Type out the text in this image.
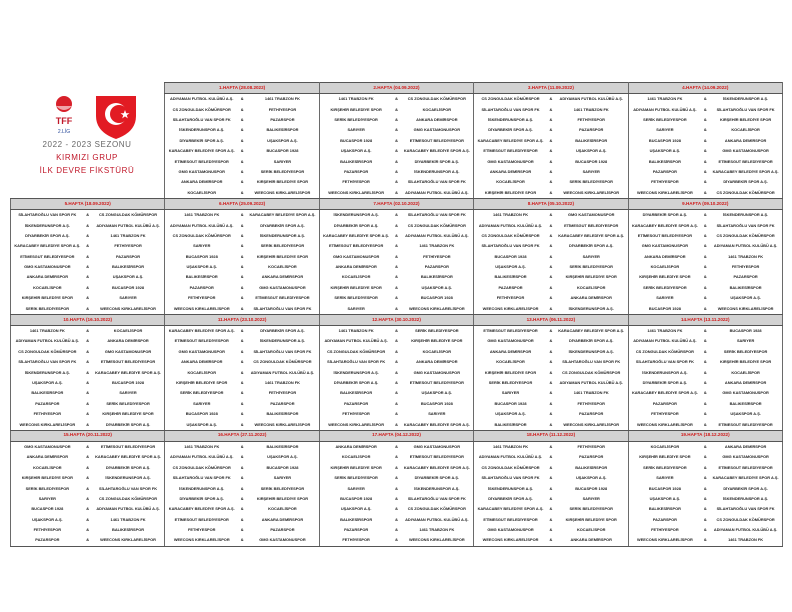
			1.HAFTA (28.08.2022)			2.HAFTA (04.09.2022)			3.HAFTA (11.09.2022)			4.HAFTA (14.09.2022)		
			ADIYAMAN FUTBOL KULÜBÜ A.Ş.	&	1461 TRABZON FK	1461 TRABZON FK	&	CS ZONGULDAK KÖMÜRSPOR	CS ZONGULDAK KÖMÜRSPOR	&	ADIYAMAN FUTBOL KULÜBÜ A.Ş.	1461 TRABZON FK	&	İSKENDERUNSPOR A.Ş.
			CS ZONGULDAK KÖMÜRSPOR	&	FETHİYESPOR	KIRŞEHİR BELEDİYE SPOR	&	KOCAELİSPOR	SİLAHTAROĞLU VAN SPOR FK	&	1461 TRABZON FK	ADIYAMAN FUTBOL KULÜBÜ A.Ş.	&	SİLAHTAROĞLU VAN SPOR FK
			SİLAHTAROĞLU VAN SPOR FK	&	PAZARSPOR	SERİK BELEDİYESPOR	&	ANKARA DEMİRSPOR	İSKENDERUNSPOR A.Ş.	&	FETHİYESPOR	SERİK BELEDİYESPOR	&	KIRŞEHİR BELEDİYE SPOR
			İSKENDERUNSPOR A.Ş.	&	BALIKESİRSPOR	SARIYER	&	GMG KASTAMONUSPOR	DİYARBEKİR SPOR A.Ş.	&	PAZARSPOR	SARIYER	&	KOCAELİSPOR
			DİYARBEKİR SPOR A.Ş.	&	UŞAKSPOR A.Ş.	BUCASPOR 1928	&	ETİMESGUT BELEDİYESPOR	KARACABEY BELEDİYE SPOR A.Ş.	&	BALIKESİRSPOR	BUCASPOR 1928	&	ANKARA DEMİRSPOR
			KARACABEY BELEDİYE SPOR A.Ş.	&	BUCASPOR 1928	UŞAKSPOR A.Ş.	&	KARACABEY BELEDİYE SPOR A.Ş.	ETİMESGUT BELEDİYESPOR	&	UŞAKSPOR A.Ş.	UŞAKSPOR A.Ş.	&	GMG KASTAMONUSPOR
			ETİMESGUT BELEDİYESPOR	&	SARIYER	BALIKESİRSPOR	&	DİYARBEKİR SPOR A.Ş.	GMG KASTAMONUSPOR	&	BUCASPOR 1928	BALIKESİRSPOR	&	ETİMESGUT BELEDİYESPOR
			GMG KASTAMONUSPOR	&	SERİK BELEDİYESPOR	PAZARSPOR	&	İSKENDERUNSPOR A.Ş.	ANKARA DEMİRSPOR	&	SARIYER	PAZARSPOR	&	KARACABEY BELEDİYE SPOR A.Ş.
			ANKARA DEMİRSPOR	&	KIRŞEHİR BELEDİYE SPOR	FETHİYESPOR	&	SİLAHTAROĞLU VAN SPOR FK	KOCAELİSPOR	&	SERİK BELEDİYESPOR	FETHİYESPOR	&	DİYARBEKİR SPOR A.Ş.
			KOCAELİSPOR	&	WEECONS KIRKLARELİSPOR	WEECONS KIRKLARELİSPOR	&	ADIYAMAN FUTBOL KULÜBÜ A.Ş.	KIRŞEHİR BELEDİYE SPOR	&	WEECONS KIRKLARELİSPOR	WEECONS KIRKLARELİSPOR	&	CS ZONGULDAK KÖMÜRSPOR
5.HAFTA (18.09.2022)			6.HAFTA (25.09.2022)			7.HAFTA (02.10.2022)			8.HAFTA (05.10.2022)			9.HAFTA (09.10.2022)		
SİLAHTAROĞLU VAN SPOR FK	&	CS ZONGULDAK KÖMÜRSPOR	1461 TRABZON FK	&	KARACABEY BELEDİYE SPOR A.Ş.	İSKENDERUNSPOR A.Ş.	&	SİLAHTAROĞLU VAN SPOR FK	1461 TRABZON FK	&	GMG KASTAMONUSPOR	DİYARBEKİR SPOR A.Ş.	&	İSKENDERUNSPOR A.Ş.
İSKENDERUNSPOR A.Ş.	&	ADIYAMAN FUTBOL KULÜBÜ A.Ş.	ADIYAMAN FUTBOL KULÜBÜ A.Ş.	&	DİYARBEKİR SPOR A.Ş.	DİYARBEKİR SPOR A.Ş.	&	CS ZONGULDAK KÖMÜRSPOR	ADIYAMAN FUTBOL KULÜBÜ A.Ş.	&	ETİMESGUT BELEDİYESPOR	KARACABEY BELEDİYE SPOR A.Ş.	&	SİLAHTAROĞLU VAN SPOR FK
DİYARBEKİR SPOR A.Ş.	&	1461 TRABZON FK	CS ZONGULDAK KÖMÜRSPOR	&	İSKENDERUNSPOR A.Ş.	KARACABEY BELEDİYE SPOR A.Ş.	&	ADIYAMAN FUTBOL KULÜBÜ A.Ş.	CS ZONGULDAK KÖMÜRSPOR	&	KARACABEY BELEDİYE SPOR A.Ş.	ETİMESGUT BELEDİYESPOR	&	CS ZONGULDAK KÖMÜRSPOR
KARACABEY BELEDİYE SPOR A.Ş.	&	FETHİYESPOR	SARIYER	&	SERİK BELEDİYESPOR	ETİMESGUT BELEDİYESPOR	&	1461 TRABZON FK	SİLAHTAROĞLU VAN SPOR FK	&	DİYARBEKİR SPOR A.Ş.	GMG KASTAMONUSPOR	&	ADIYAMAN FUTBOL KULÜBÜ A.Ş.
ETİMESGUT BELEDİYESPOR	&	PAZARSPOR	BUCASPOR 1928	&	KIRŞEHİR BELEDİYE SPOR	GMG KASTAMONUSPOR	&	FETHİYESPOR	BUCASPOR 1928	&	SARIYER	ANKARA DEMİRSPOR	&	1461 TRABZON FK
GMG KASTAMONUSPOR	&	BALIKESİRSPOR	UŞAKSPOR A.Ş.	&	KOCAELİSPOR	ANKARA DEMİRSPOR	&	PAZARSPOR	UŞAKSPOR A.Ş.	&	SERİK BELEDİYESPOR	KOCAELİSPOR	&	FETHİYESPOR
ANKARA DEMİRSPOR	&	UŞAKSPOR A.Ş.	BALIKESİRSPOR	&	ANKARA DEMİRSPOR	KOCAELİSPOR	&	BALIKESİRSPOR	BALIKESİRSPOR	&	KIRŞEHİR BELEDİYE SPOR	KIRŞEHİR BELEDİYE SPOR	&	PAZARSPOR
KOCAELİSPOR	&	BUCASPOR 1928	PAZARSPOR	&	GMG KASTAMONUSPOR	KIRŞEHİR BELEDİYE SPOR	&	UŞAKSPOR A.Ş.	PAZARSPOR	&	KOCAELİSPOR	SERİK BELEDİYESPOR	&	BALIKESİRSPOR
KIRŞEHİR BELEDİYE SPOR	&	SARIYER	FETHİYESPOR	&	ETİMESGUT BELEDİYESPOR	SERİK BELEDİYESPOR	&	BUCASPOR 1928	FETHİYESPOR	&	ANKARA DEMİRSPOR	SARIYER	&	UŞAKSPOR A.Ş.
SERİK BELEDİYESPOR	&	WEECONS KIRKLARELİSPOR	WEECONS KIRKLARELİSPOR	&	SİLAHTAROĞLU VAN SPOR FK	SARIYER	&	WEECONS KIRKLARELİSPOR	WEECONS KIRKLARELİSPOR	&	İSKENDERUNSPOR A.Ş.	BUCASPOR 1928	&	WEECONS KIRKLARELİSPOR
10.HAFTA (16.10.2022)			11.HAFTA (23.10.2022)			12.HAFTA (30.10.2022)			13.HAFTA (06.11.2022)			14.HAFTA (13.11.2022)		
1461 TRABZON FK	&	KOCAELİSPOR	KARACABEY BELEDİYE SPOR A.Ş.	&	DİYARBEKİR SPOR A.Ş.	1461 TRABZON FK	&	SERİK BELEDİYESPOR	ETİMESGUT BELEDİYESPOR	&	KARACABEY BELEDİYE SPOR A.Ş.	1461 TRABZON FK	&	BUCASPOR 1928
ADIYAMAN FUTBOL KULÜBÜ A.Ş.	&	ANKARA DEMİRSPOR	ETİMESGUT BELEDİYESPOR	&	İSKENDERUNSPOR A.Ş.	ADIYAMAN FUTBOL KULÜBÜ A.Ş.	&	KIRŞEHİR BELEDİYE SPOR	GMG KASTAMONUSPOR	&	DİYARBEKİR SPOR A.Ş.	ADIYAMAN FUTBOL KULÜBÜ A.Ş.	&	SARIYER
CS ZONGULDAK KÖMÜRSPOR	&	GMG KASTAMONUSPOR	GMG KASTAMONUSPOR	&	SİLAHTAROĞLU VAN SPOR FK	CS ZONGULDAK KÖMÜRSPOR	&	KOCAELİSPOR	ANKARA DEMİRSPOR	&	İSKENDERUNSPOR A.Ş.	CS ZONGULDAK KÖMÜRSPOR	&	SERİK BELEDİYESPOR
SİLAHTAROĞLU VAN SPOR FK	&	ETİMESGUT BELEDİYESPOR	ANKARA DEMİRSPOR	&	CS ZONGULDAK KÖMÜRSPOR	SİLAHTAROĞLU VAN SPOR FK	&	ANKARA DEMİRSPOR	KOCAELİSPOR	&	SİLAHTAROĞLU VAN SPOR FK	SİLAHTAROĞLU VAN SPOR FK	&	KIRŞEHİR BELEDİYE SPOR
İSKENDERUNSPOR A.Ş.	&	KARACABEY BELEDİYE SPOR A.Ş.	KOCAELİSPOR	&	ADIYAMAN FUTBOL KULÜBÜ A.Ş.	İSKENDERUNSPOR A.Ş.	&	GMG KASTAMONUSPOR	KIRŞEHİR BELEDİYE SPOR	&	CS ZONGULDAK KÖMÜRSPOR	İSKENDERUNSPOR A.Ş.	&	KOCAELİSPOR
UŞAKSPOR A.Ş.	&	BUCASPOR 1928	KIRŞEHİR BELEDİYE SPOR	&	1461 TRABZON FK	DİYARBEKİR SPOR A.Ş.	&	ETİMESGUT BELEDİYESPOR	SERİK BELEDİYESPOR	&	ADIYAMAN FUTBOL KULÜBÜ A.Ş.	DİYARBEKİR SPOR A.Ş.	&	ANKARA DEMİRSPOR
BALIKESİRSPOR	&	SARIYER	SERİK BELEDİYESPOR	&	FETHİYESPOR	BALIKESİRSPOR	&	UŞAKSPOR A.Ş.	SARIYER	&	1461 TRABZON FK	KARACABEY BELEDİYE SPOR A.Ş.	&	GMG KASTAMONUSPOR
PAZARSPOR	&	SERİK BELEDİYESPOR	SARIYER	&	PAZARSPOR	PAZARSPOR	&	BUCASPOR 1928	BUCASPOR 1928	&	FETHİYESPOR	PAZARSPOR	&	BALIKESİRSPOR
FETHİYESPOR	&	KIRŞEHİR BELEDİYE SPOR	BUCASPOR 1928	&	BALIKESİRSPOR	FETHİYESPOR	&	SARIYER	UŞAKSPOR A.Ş.	&	PAZARSPOR	FETHİYESPOR	&	UŞAKSPOR A.Ş.
WEECONS KIRKLARELİSPOR	&	DİYARBEKİR SPOR A.Ş.	UŞAKSPOR A.Ş.	&	WEECONS KIRKLARELİSPOR	WEECONS KIRKLARELİSPOR	&	KARACABEY BELEDİYE SPOR A.Ş.	BALIKESİRSPOR	&	WEECONS KIRKLARELİSPOR	WEECONS KIRKLARELİSPOR	&	ETİMESGUT BELEDİYESPOR
15.HAFTA (20.11.2022)			16.HAFTA (27.11.2022)			17.HAFTA (04.12.2022)			18.HAFTA (11.12.2022)			19.HAFTA (18.12.2022)		
GMG KASTAMONUSPOR	&	ETİMESGUT BELEDİYESPOR	1461 TRABZON FK	&	BALIKESİRSPOR	ANKARA DEMİRSPOR	&	GMG KASTAMONUSPOR	1461 TRABZON FK	&	FETHİYESPOR	KOCAELİSPOR	&	ANKARA DEMİRSPOR
ANKARA DEMİRSPOR	&	KARACABEY BELEDİYE SPOR A.Ş.	ADIYAMAN FUTBOL KULÜBÜ A.Ş.	&	UŞAKSPOR A.Ş.	KOCAELİSPOR	&	ETİMESGUT BELEDİYESPOR	ADIYAMAN FUTBOL KULÜBÜ A.Ş.	&	PAZARSPOR	KIRŞEHİR BELEDİYE SPOR	&	GMG KASTAMONUSPOR
KOCAELİSPOR	&	DİYARBEKİR SPOR A.Ş.	CS ZONGULDAK KÖMÜRSPOR	&	BUCASPOR 1928	KIRŞEHİR BELEDİYE SPOR	&	KARACABEY BELEDİYE SPOR A.Ş.	CS ZONGULDAK KÖMÜRSPOR	&	BALIKESİRSPOR	SERİK BELEDİYESPOR	&	ETİMESGUT BELEDİYESPOR
KIRŞEHİR BELEDİYE SPOR	&	İSKENDERUNSPOR A.Ş.	SİLAHTAROĞLU VAN SPOR FK	&	SARIYER	SERİK BELEDİYESPOR	&	DİYARBEKİR SPOR A.Ş.	SİLAHTAROĞLU VAN SPOR FK	&	UŞAKSPOR A.Ş.	SARIYER	&	KARACABEY BELEDİYE SPOR A.Ş.
SERİK BELEDİYESPOR	&	SİLAHTAROĞLU VAN SPOR FK	İSKENDERUNSPOR A.Ş.	&	SERİK BELEDİYESPOR	SARIYER	&	İSKENDERUNSPOR A.Ş.	İSKENDERUNSPOR A.Ş.	&	BUCASPOR 1928	BUCASPOR 1928	&	DİYARBEKİR SPOR A.Ş.
SARIYER	&	CS ZONGULDAK KÖMÜRSPOR	DİYARBEKİR SPOR A.Ş.	&	KIRŞEHİR BELEDİYE SPOR	BUCASPOR 1928	&	SİLAHTAROĞLU VAN SPOR FK	DİYARBEKİR SPOR A.Ş.	&	SARIYER	UŞAKSPOR A.Ş.	&	İSKENDERUNSPOR A.Ş.
BUCASPOR 1928	&	ADIYAMAN FUTBOL KULÜBÜ A.Ş.	KARACABEY BELEDİYE SPOR A.Ş.	&	KOCAELİSPOR	UŞAKSPOR A.Ş.	&	CS ZONGULDAK KÖMÜRSPOR	KARACABEY BELEDİYE SPOR A.Ş.	&	SERİK BELEDİYESPOR	BALIKESİRSPOR	&	SİLAHTAROĞLU VAN SPOR FK
UŞAKSPOR A.Ş.	&	1461 TRABZON FK	ETİMESGUT BELEDİYESPOR	&	ANKARA DEMİRSPOR	BALIKESİRSPOR	&	ADIYAMAN FUTBOL KULÜBÜ A.Ş.	ETİMESGUT BELEDİYESPOR	&	KIRŞEHİR BELEDİYE SPOR	PAZARSPOR	&	CS ZONGULDAK KÖMÜRSPOR
FETHİYESPOR	&	BALIKESİRSPOR	FETHİYESPOR	&	PAZARSPOR	PAZARSPOR	&	1461 TRABZON FK	GMG KASTAMONUSPOR	&	KOCAELİSPOR	FETHİYESPOR	&	ADIYAMAN FUTBOL KULÜBÜ A.Ş.
PAZARSPOR	&	WEECONS KIRKLARELİSPOR	WEECONS KIRKLARELİSPOR	&	GMG KASTAMONUSPOR	FETHİYESPOR	&	WEECONS KIRKLARELİSPOR	WEECONS KIRKLARELİSPOR	&	ANKARA DEMİRSPOR	WEECONS KIRKLARELİSPOR	&	1461 TRABZON FK
TFF
2.LİG
2022 - 2023 SEZONU
KIRMIZI GRUP
İLK DEVRE FİKSTÜRÜ
